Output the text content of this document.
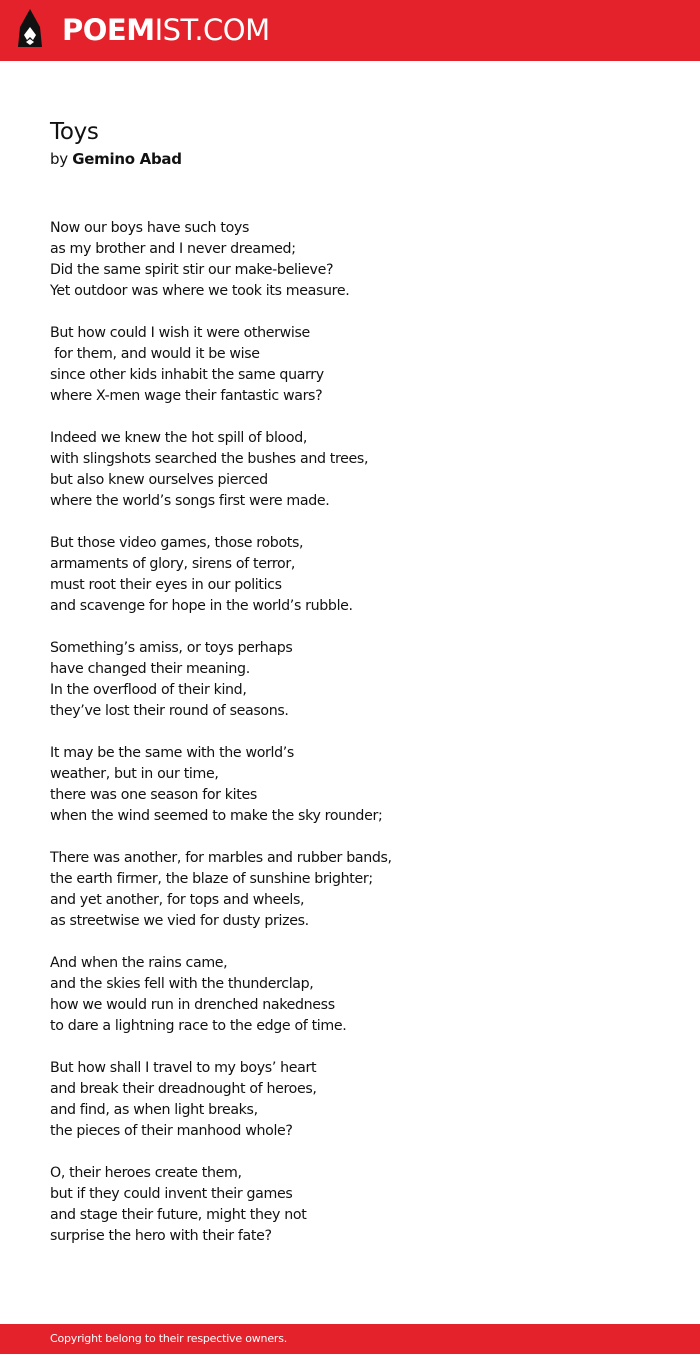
POEMIST.COM
Toys
by Gemino Abad
Now our boys have such toys
as my brother and I never dreamed;
Did the same spirit stir our make-believe?
Yet outdoor was where we took its measure.
But how could I wish it were otherwise
for them, and would it be wise
since other kids inhabit the same quarry
where X-men wage their fantastic wars?
Indeed we knew the hot spill of blood,
with slingshots searched the bushes and trees,
but also knew ourselves pierced
where the world’s songs first were made.
But those video games, those robots,
armaments of glory, sirens of terror,
must root their eyes in our politics
and scavenge for hope in the world’s rubble.
Something’s amiss, or toys perhaps
have changed their meaning.
In the overflood of their kind,
they’ve lost their round of seasons.
It may be the same with the world’s
weather, but in our time,
there was one season for kites
when the wind seemed to make the sky rounder;
There was another, for marbles and rubber bands,
the earth firmer, the blaze of sunshine brighter;
and yet another, for tops and wheels,
as streetwise we vied for dusty prizes.
And when the rains came,
and the skies fell with the thunderclap,
how we would run in drenched nakedness
to dare a lightning race to the edge of time.
But how shall I travel to my boys’ heart
and break their dreadnought of heroes,
and find, as when light breaks,
the pieces of their manhood whole?
O, their heroes create them,
but if they could invent their games
and stage their future, might they not
surprise the hero with their fate?
Copyright belong to their respective owners.
